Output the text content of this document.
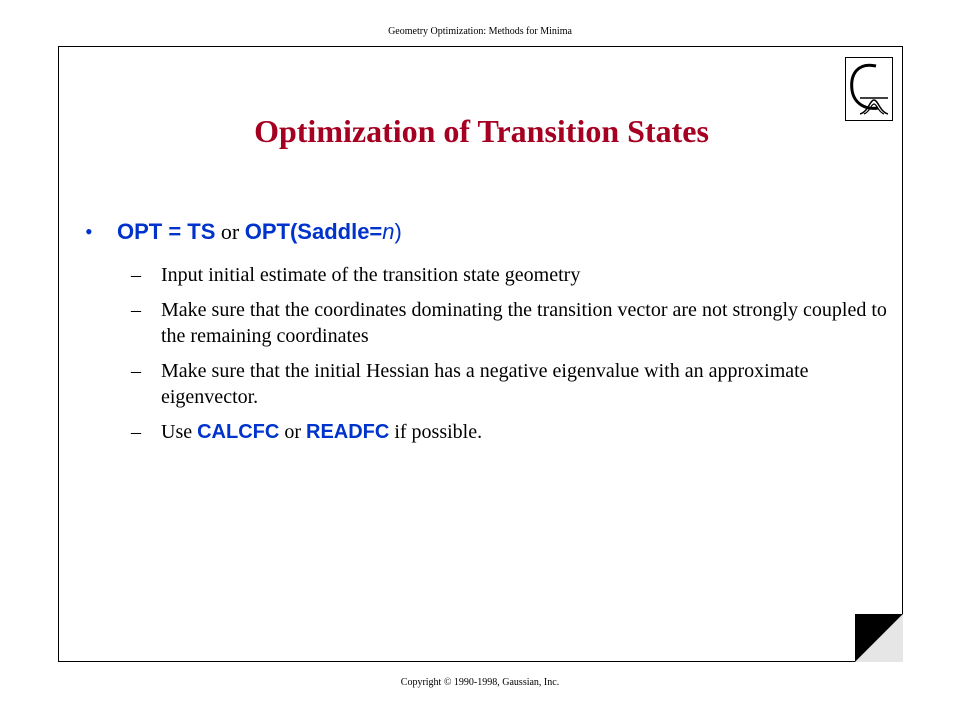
Geometry Optimization: Methods for Minima
Optimization of Transition States
• OPT = TS or OPT(Saddle=n)
– Input initial estimate of the transition state geometry
– Make sure that the coordinates dominating the transition vector are not strongly coupled to the remaining coordinates
– Make sure that the initial Hessian has a negative eigenvalue with an approximate eigenvector.
– Use CALCFC or READFC if possible.
Copyright © 1990-1998, Gaussian, Inc.
